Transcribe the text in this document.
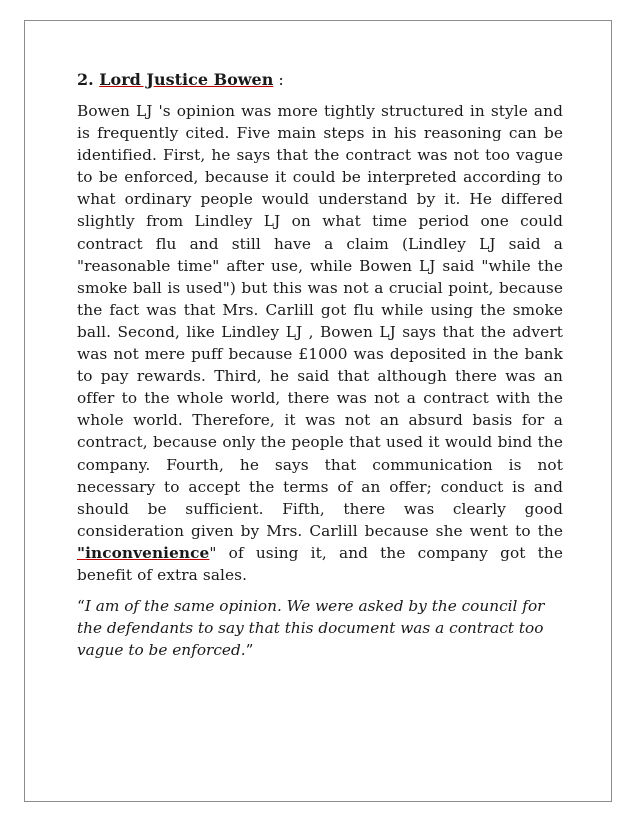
2. Lord Justice Bowen :

Bowen LJ 's opinion was more tightly structured in style and is frequently cited. Five main steps in his reasoning can be identified. First, he says that the contract was not too vague to be enforced, because it could be interpreted according to what ordinary people would understand by it. He differed slightly from Lindley LJ on what time period one could contract flu and still have a claim (Lindley LJ said a "reasonable time" after use, while Bowen LJ said "while the smoke ball is used") but this was not a crucial point, because the fact was that Mrs. Carlill got flu while using the smoke ball. Second, like Lindley LJ , Bowen LJ says that the advert was not mere puff because £1000 was deposited in the bank to pay rewards. Third, he said that although there was an offer to the whole world, there was not a contract with the whole world. Therefore, it was not an absurd basis for a contract, because only the people that used it would bind the company. Fourth, he says that communication is not necessary to accept the terms of an offer; conduct is and should be sufficient. Fifth, there was clearly good consideration given by Mrs. Carlill because she went to the "inconvenience" of using it, and the company got the benefit of extra sales.

“I am of the same opinion. We were asked by the council for the defendants to say that this document was a contract too vague to be enforced.”
